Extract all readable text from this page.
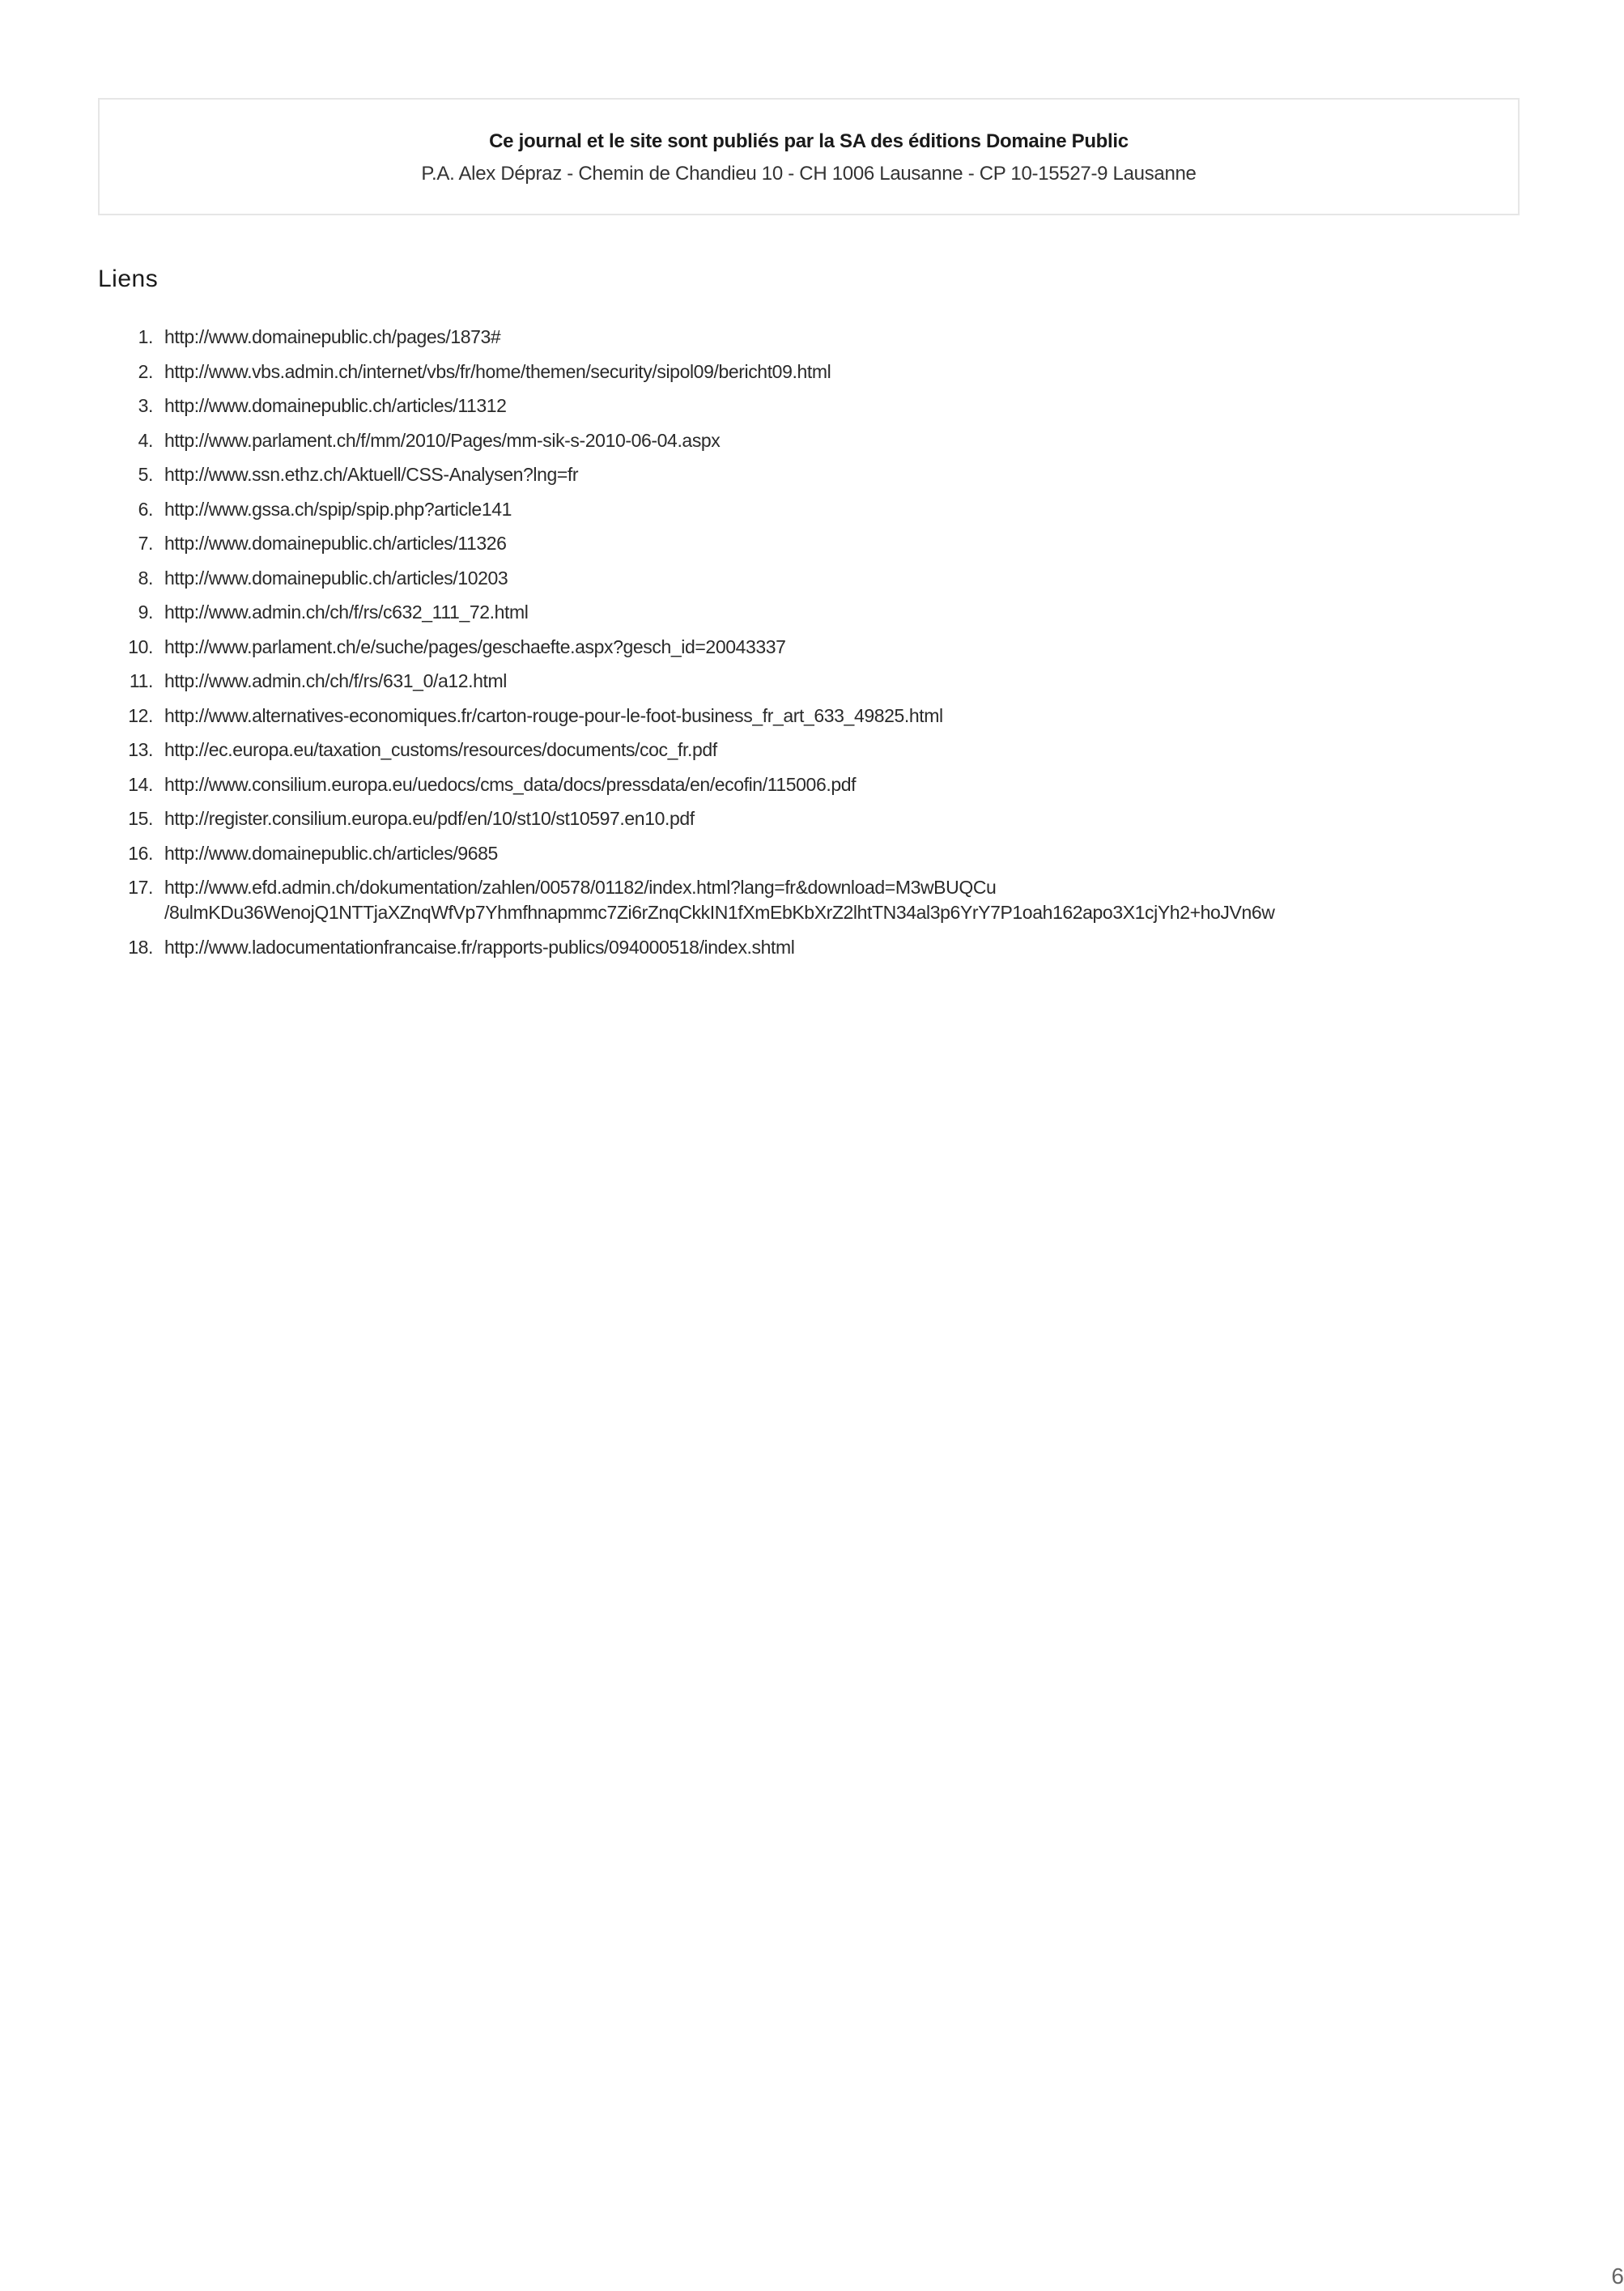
Ce journal et le site sont publiés par la SA des éditions Domaine Public
P.A. Alex Dépraz - Chemin de Chandieu 10 - CH 1006 Lausanne - CP 10-15527-9 Lausanne
Liens
1. http://www.domainepublic.ch/pages/1873#
2. http://www.vbs.admin.ch/internet/vbs/fr/home/themen/security/sipol09/bericht09.html
3. http://www.domainepublic.ch/articles/11312
4. http://www.parlament.ch/f/mm/2010/Pages/mm-sik-s-2010-06-04.aspx
5. http://www.ssn.ethz.ch/Aktuell/CSS-Analysen?lng=fr
6. http://www.gssa.ch/spip/spip.php?article141
7. http://www.domainepublic.ch/articles/11326
8. http://www.domainepublic.ch/articles/10203
9. http://www.admin.ch/ch/f/rs/c632_111_72.html
10. http://www.parlament.ch/e/suche/pages/geschaefte.aspx?gesch_id=20043337
11. http://www.admin.ch/ch/f/rs/631_0/a12.html
12. http://www.alternatives-economiques.fr/carton-rouge-pour-le-foot-business_fr_art_633_49825.html
13. http://ec.europa.eu/taxation_customs/resources/documents/coc_fr.pdf
14. http://www.consilium.europa.eu/uedocs/cms_data/docs/pressdata/en/ecofin/115006.pdf
15. http://register.consilium.europa.eu/pdf/en/10/st10/st10597.en10.pdf
16. http://www.domainepublic.ch/articles/9685
17. http://www.efd.admin.ch/dokumentation/zahlen/00578/01182/index.html?lang=fr&download=M3wBUQCu
/8ulmKDu36WenojQ1NTTjaXZnqWfVp7Yhmfhnapmmc7Zi6rZnqCkkIN1fXmEbKbXrZ2lhtTN34al3p6YrY7P1oah162apo3X1cjYh2+hoJVn6w
18. http://www.ladocumentationfrancaise.fr/rapports-publics/094000518/index.shtml
6
